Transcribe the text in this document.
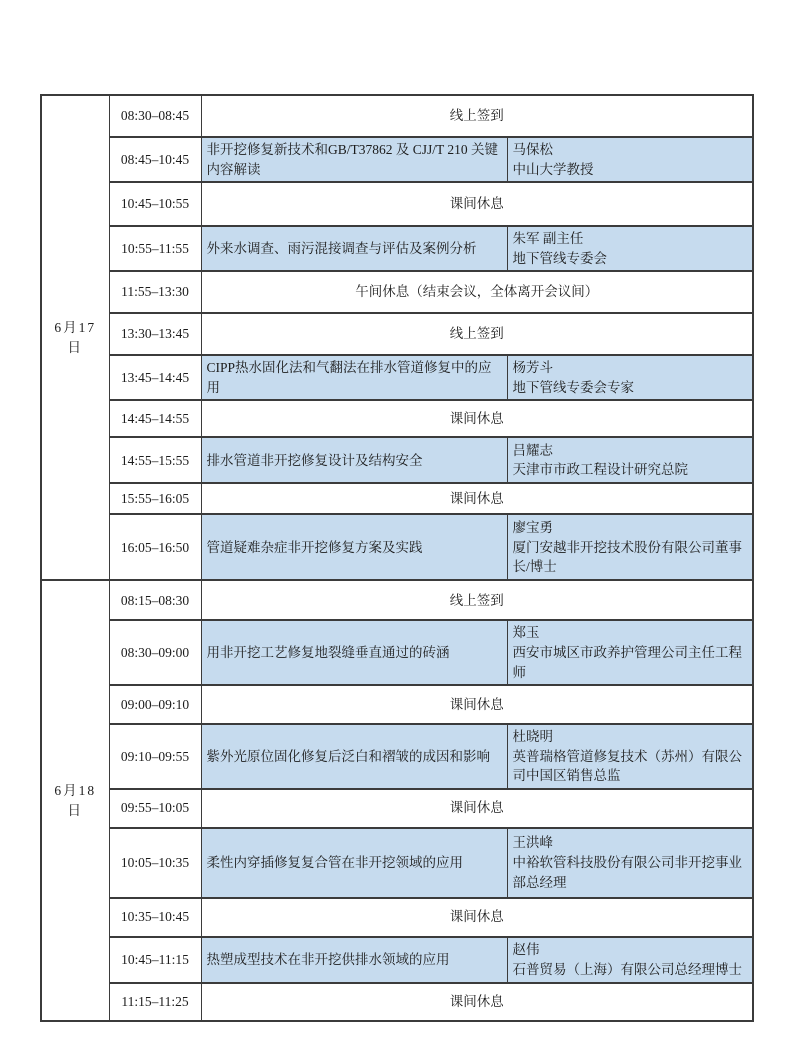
6月17日	08:30–08:45	线上签到	
	08:45–10:45	非开挖修复新技术和GB/T37862 及 CJJ/T 210 关键内容解读	马保松
中山大学教授

	10:45–10:55	课间休息	
	10:55–11:55	外来水调查、雨污混接调查与评估及案例分析	朱军 副主任
地下管线专委会

	11:55–13:30	午间休息（结束会议，全体离开会议间）	
	13:30–13:45	线上签到	
	13:45–14:45	CIPP热水固化法和气翻法在排水管道修复中的应用	杨芳斗
地下管线专委会专家

	14:45–14:55	课间休息	
	14:55–15:55	排水管道非开挖修复设计及结构安全	吕耀志
天津市市政工程设计研究总院

	15:55–16:05	课间休息	
	16:05–16:50	管道疑难杂症非开挖修复方案及实践	廖宝勇
厦门安越非开挖技术股份有限公司董事长/博士

6月18日	08:15–08:30	线上签到	
	08:30–09:00	用非开挖工艺修复地裂缝垂直通过的砖涵	郑玉
西安市城区市政养护管理公司主任工程师

	09:00–09:10	课间休息	
	09:10–09:55	紫外光原位固化修复后泛白和褶皱的成因和影响	杜晓明
英普瑞格管道修复技术（苏州）有限公司中国区销售总监

	09:55–10:05	课间休息	
	10:05–10:35	柔性内穿插修复复合管在非开挖领域的应用	王洪峰
中裕软管科技股份有限公司非开挖事业部总经理

	10:35–10:45	课间休息	
	10:45–11:15	热塑成型技术在非开挖供排水领域的应用	赵伟
石普贸易（上海）有限公司总经理博士

	11:15–11:25	课间休息	
